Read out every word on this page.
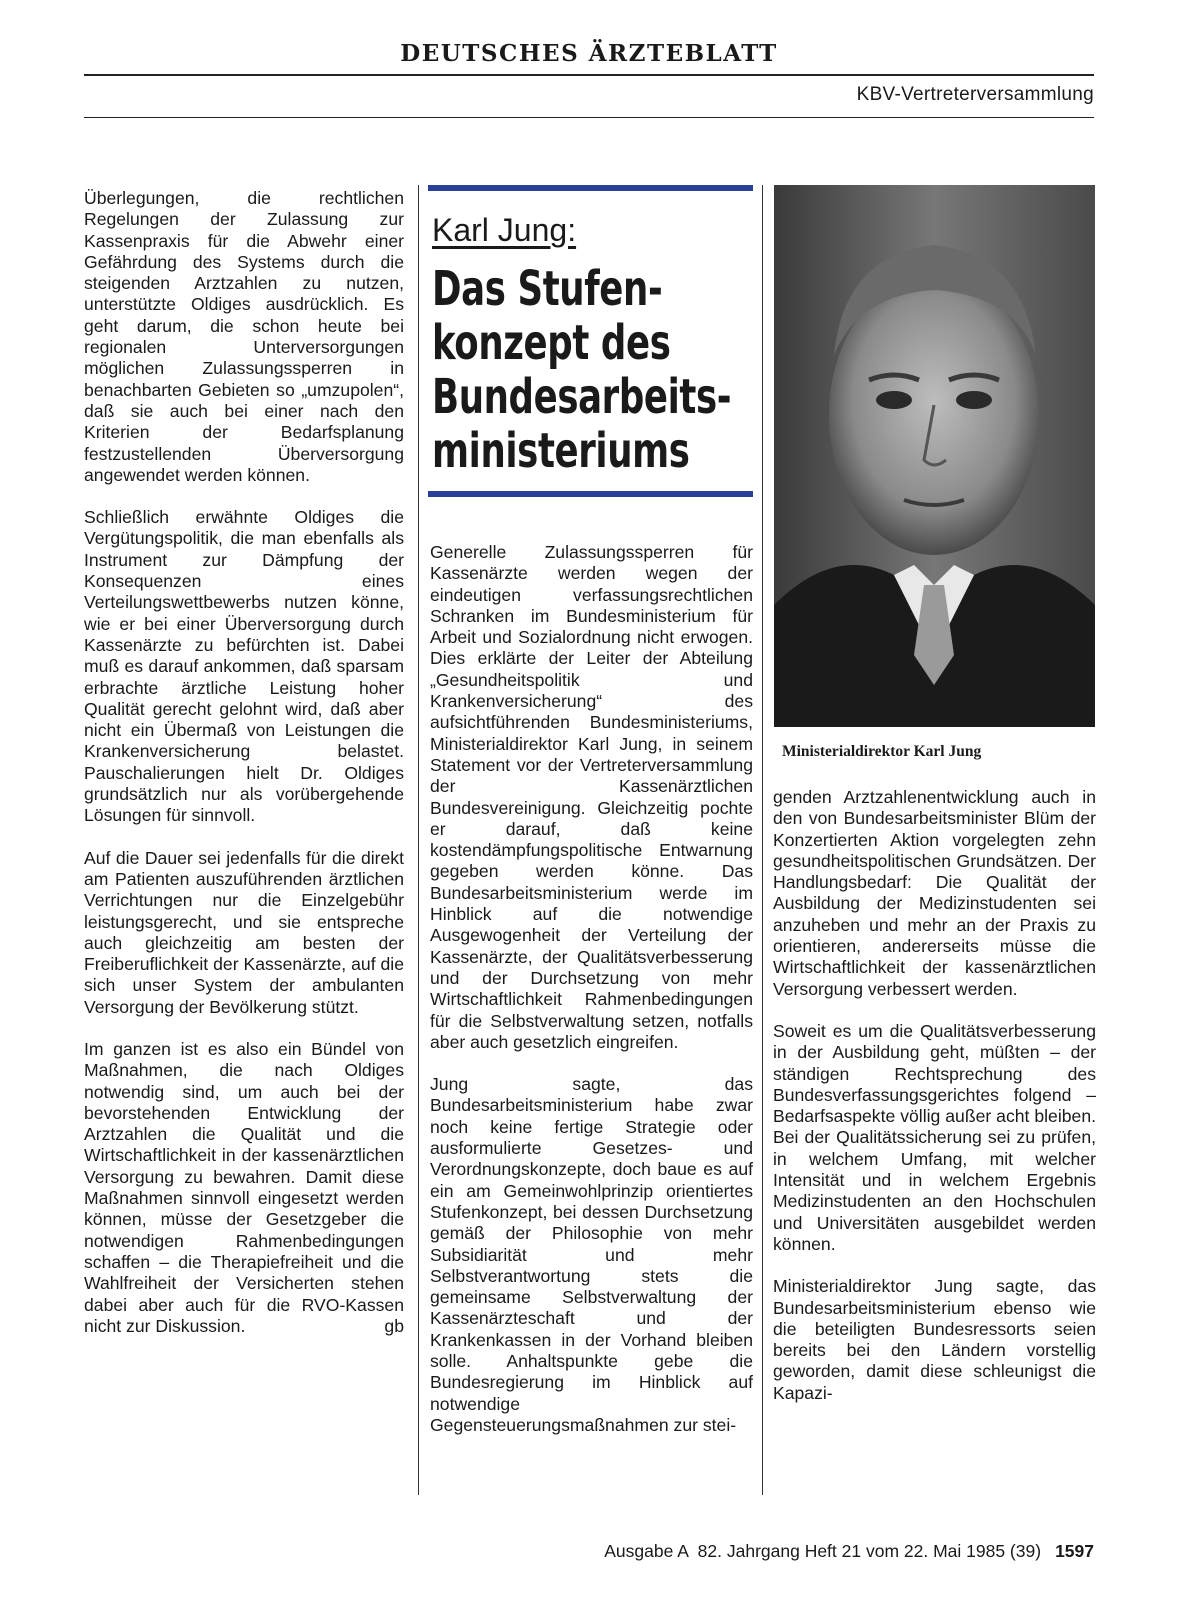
DEUTSCHES ÄRZTEBLATT
KBV-Vertreterversammlung

Überlegungen, die rechtlichen Regelungen der Zulassung zur Kassenpraxis für die Abwehr einer Gefährdung des Systems durch die steigenden Arztzahlen zu nutzen, unterstützte Oldiges ausdrücklich. Es geht darum, die schon heute bei regionalen Unterversorgungen möglichen Zulassungssperren in benachbarten Gebieten so „umzupolen“, daß sie auch bei einer nach den Kriterien der Bedarfsplanung festzustellenden Überversorgung angewendet werden können.

Schließlich erwähnte Oldiges die Vergütungspolitik, die man ebenfalls als Instrument zur Dämpfung der Konsequenzen eines Verteilungswettbewerbs nutzen könne, wie er bei einer Überversorgung durch Kassenärzte zu befürchten ist. Dabei muß es darauf ankommen, daß sparsam erbrachte ärztliche Leistung hoher Qualität gerecht gelohnt wird, daß aber nicht ein Übermaß von Leistungen die Krankenversicherung belastet. Pauschalierungen hielt Dr. Oldiges grundsätzlich nur als vorübergehende Lösungen für sinnvoll.

Auf die Dauer sei jedenfalls für die direkt am Patienten auszuführenden ärztlichen Verrichtungen nur die Einzelgebühr leistungsgerecht, und sie entspreche auch gleichzeitig am besten der Freiberuflichkeit der Kassenärzte, auf die sich unser System der ambulanten Versorgung der Bevölkerung stützt.

Im ganzen ist es also ein Bündel von Maßnahmen, die nach Oldiges notwendig sind, um auch bei der bevorstehenden Entwicklung der Arztzahlen die Qualität und die Wirtschaftlichkeit in der kassenärztlichen Versorgung zu bewahren. Damit diese Maßnahmen sinnvoll eingesetzt werden können, müsse der Gesetzgeber die notwendigen Rahmenbedingungen schaffen – die Therapiefreiheit und die Wahlfreiheit der Versicherten stehen dabei aber auch für die RVO-Kassen nicht zur Diskussion.	gb

Karl Jung:
Das Stufen-
konzept des
Bundesarbeits-
ministeriums

Generelle Zulassungssperren für Kassenärzte werden wegen der eindeutigen verfassungsrechtlichen Schranken im Bundesministerium für Arbeit und Sozialordnung nicht erwogen. Dies erklärte der Leiter der Abteilung „Gesundheitspolitik und Krankenversicherung“ des aufsichtführenden Bundesministeriums, Ministerialdirektor Karl Jung, in seinem Statement vor der Vertreterversammlung der Kassenärztlichen Bundesvereinigung. Gleichzeitig pochte er darauf, daß keine kostendämpfungspolitische Entwarnung gegeben werden könne. Das Bundesarbeitsministerium werde im Hinblick auf die notwendige Ausgewogenheit der Verteilung der Kassenärzte, der Qualitätsverbesserung und der Durchsetzung von mehr Wirtschaftlichkeit Rahmenbedingungen für die Selbstverwaltung setzen, notfalls aber auch gesetzlich eingreifen.

Jung sagte, das Bundesarbeitsministerium habe zwar noch keine fertige Strategie oder ausformulierte Gesetzes- und Verordnungskonzepte, doch baue es auf ein am Gemeinwohlprinzip orientiertes Stufenkonzept, bei dessen Durchsetzung gemäß der Philosophie von mehr Subsidiarität und mehr Selbstverantwortung stets die gemeinsame Selbstverwaltung der Kassenärzteschaft und der Krankenkassen in der Vorhand bleiben solle. Anhaltspunkte gebe die Bundesregierung im Hinblick auf notwendige Gegensteuerungsmaßnahmen zur stei-

Ministerialdirektor Karl Jung

genden Arztzahlenentwicklung auch in den von Bundesarbeitsminister Blüm der Konzertierten Aktion vorgelegten zehn gesundheitspolitischen Grundsätzen. Der Handlungsbedarf: Die Qualität der Ausbildung der Medizinstudenten sei anzuheben und mehr an der Praxis zu orientieren, andererseits müsse die Wirtschaftlichkeit der kassenärztlichen Versorgung verbessert werden.

Soweit es um die Qualitätsverbesserung in der Ausbildung geht, müßten – der ständigen Rechtsprechung des Bundesverfassungsgerichtes folgend – Bedarfsaspekte völlig außer acht bleiben. Bei der Qualitätssicherung sei zu prüfen, in welchem Umfang, mit welcher Intensität und in welchem Ergebnis Medizinstudenten an den Hochschulen und Universitäten ausgebildet werden können.

Ministerialdirektor Jung sagte, das Bundesarbeitsministerium ebenso wie die beteiligten Bundesressorts seien bereits bei den Ländern vorstellig geworden, damit diese schleunigst die Kapazi-

Ausgabe A  82. Jahrgang Heft 21 vom 22. Mai 1985 (39) 1597
